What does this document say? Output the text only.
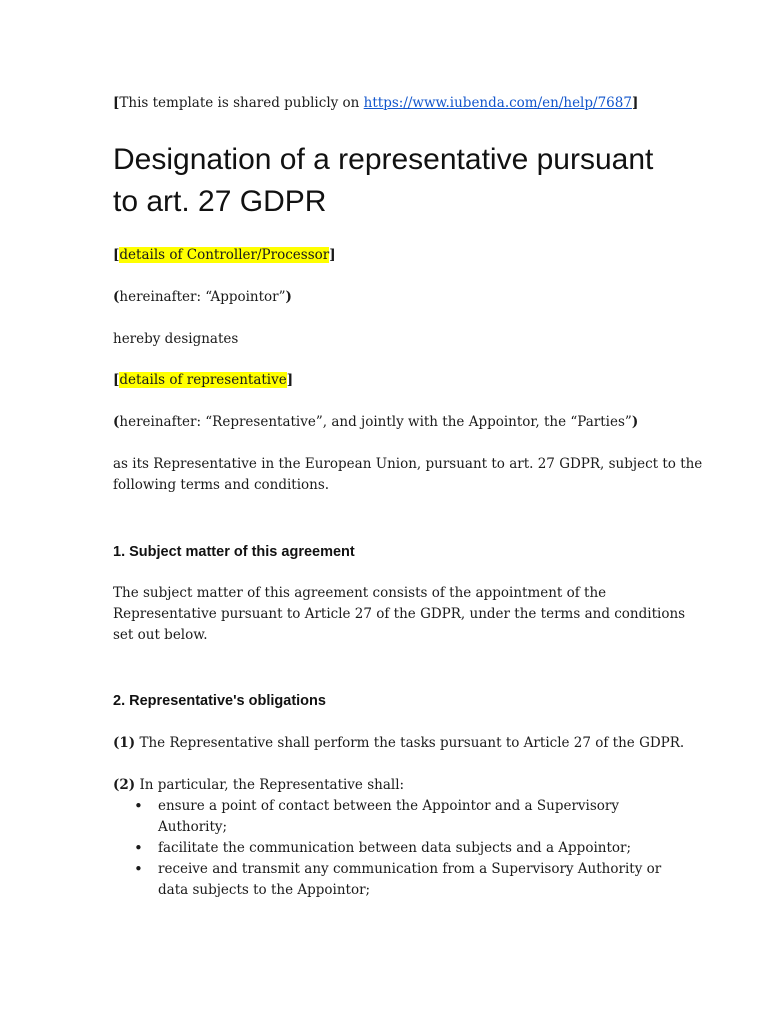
[This template is shared publicly on https://www.iubenda.com/en/help/7687]

Designation of a representative pursuant to art. 27 GDPR

[details of Controller/Processor]

(hereinafter: “Appointor”)

hereby designates

[details of representative]

(hereinafter: “Representative”, and jointly with the Appointor, the “Parties”)

as its Representative in the European Union, pursuant to art. 27 GDPR, subject to the
following terms and conditions.

1. Subject matter of this agreement

The subject matter of this agreement consists of the appointment of the
Representative pursuant to Article 27 of the GDPR, under the terms and conditions
set out below.

2. Representative's obligations

(1) The Representative shall perform the tasks pursuant to Article 27 of the GDPR.

(2) In particular, the Representative shall:

• ensure a point of contact between the Appointor and a Supervisory
Authority;
• facilitate the communication between data subjects and a Appointor;
• receive and transmit any communication from a Supervisory Authority or
data subjects to the Appointor;
